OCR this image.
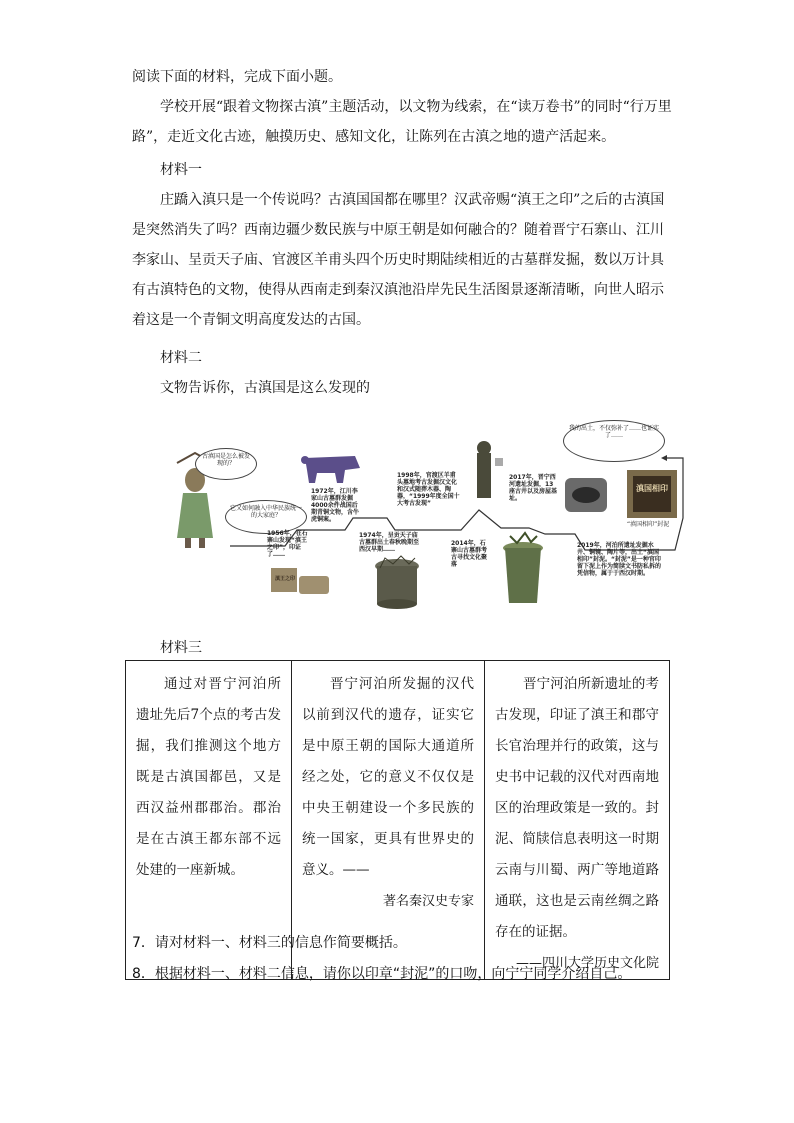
阅读下面的材料，完成下面小题。
学校开展“跟着文物探古滇”主题活动，以文物为线索，在“读万卷书”的同时“行万里路”，走近文化古迹，触摸历史、感知文化，让陈列在古滇之地的遗产活起来。
材料一
庄蹻入滇只是一个传说吗？古滇国国都在哪里？汉武帝赐“滇王之印”之后的古滇国是突然消失了吗？西南边疆少数民族与中原王朝是如何融合的？随着晋宁石寨山、江川李家山、呈贡天子庙、官渡区羊甫头四个历史时期陆续相近的古墓群发掘，数以万计具有古滇特色的文物，使得从西南走到秦汉滇池沿岸先民生活图景逐渐清晰，向世人昭示着这是一个青铜文明高度发达的古国。
材料二
文物告诉你，古滇国是这么发现的
古滇国是怎么被发现的？
它又如何融入中华民族统一的大家庭？
我的出土，不仅弥补了……也证实了……
1956年，在石寨山发现“滇王之印”，印证了……
1972年，江川李家山古墓群发掘4000余件战国后期青铜文物，含牛虎铜案。
1974年，呈贡天子庙古墓群出土春秋晚期至西汉早期……
1998年，官渡区羊甫头墓地考古发掘汉文化和汉式随葬木器、陶器，“1999年度全国十大考古发现”
2014年，石寨山古墓群考古寻找文化聚落
2017年，晋宁西河遗址发掘，13座古井以及房屋基址。
2019年，河泊所遗址发掘水井、铜镜、陶片等，出土“滇国相印”封泥。“封泥”是一种官印留下泥上作为简牍文书防私拆的凭信物，属于于西汉时期。
滇国相印
滇王之印
“滇国相印”封泥
材料三
通过对晋宁河泊所遗址先后7个点的考古发掘，我们推测这个地方既是古滇国都邑，又是西汉益州郡郡治。郡治是在古滇王都东部不远处建的一座新城。

晋宁河泊所发掘的汉代以前到汉代的遗存，证实它是中原王朝的国际大通道所经之处，它的意义不仅仅是中央王朝建设一个多民族的统一国家，更具有世界史的意义。——
著名秦汉史专家

晋宁河泊所新遗址的考古发现，印证了滇王和郡守长官治理并行的政策，这与史书中记载的汉代对西南地区的治理政策是一致的。封泥、简牍信息表明这一时期云南与川蜀、两广等地道路通联，这也是云南丝绸之路存在的证据。
——四川大学历史文化院
7．请对材料一、材料三的信息作简要概括。
8．根据材料一、材料二信息，请你以印章“封泥”的口吻，向宁宁同学介绍自己。
